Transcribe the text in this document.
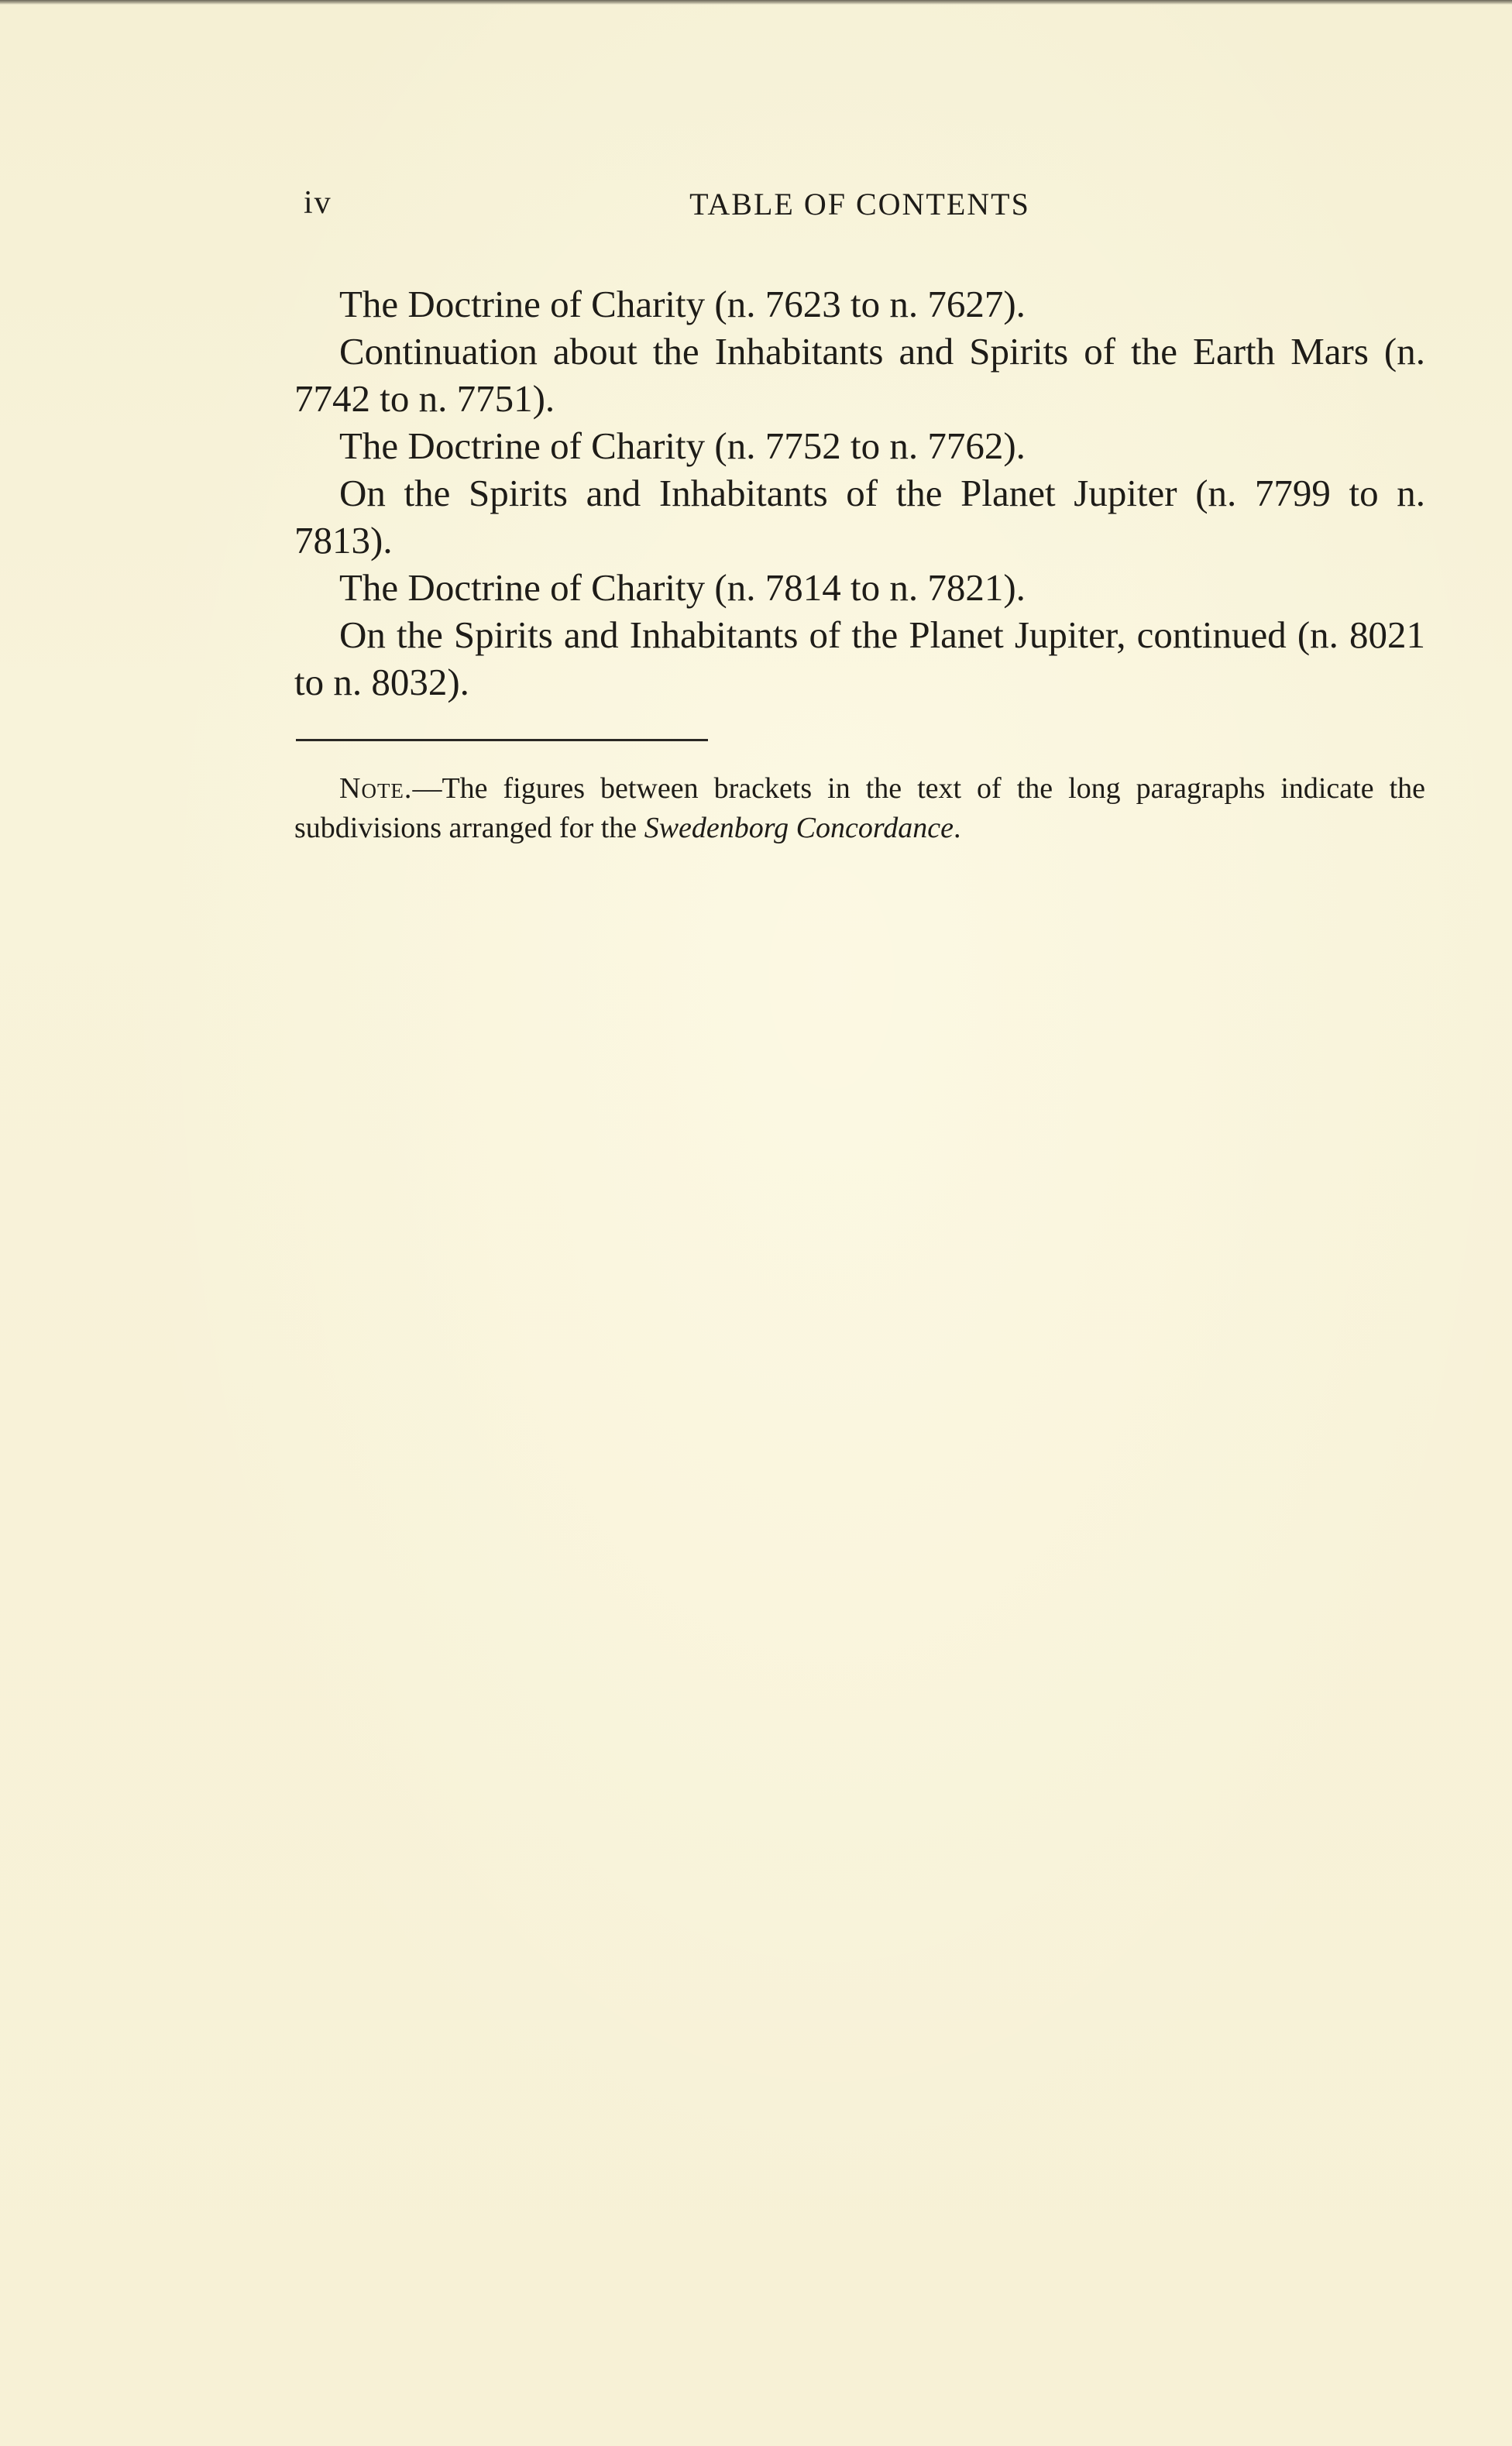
iv	TABLE OF CONTENTS

The Doctrine of Charity (n. 7623 to n. 7627).

Continuation about the Inhabitants and Spirits of the Earth Mars (n. 7742 to n. 7751).

The Doctrine of Charity (n. 7752 to n. 7762).

On the Spirits and Inhabitants of the Planet Jupiter (n. 7799 to n. 7813).

The Doctrine of Charity (n. 7814 to n. 7821).

On the Spirits and Inhabitants of the Planet Jupiter, continued (n. 8021 to n. 8032).

Note.—The figures between brackets in the text of the long paragraphs indicate the subdivisions arranged for the Swedenborg Concordance.
